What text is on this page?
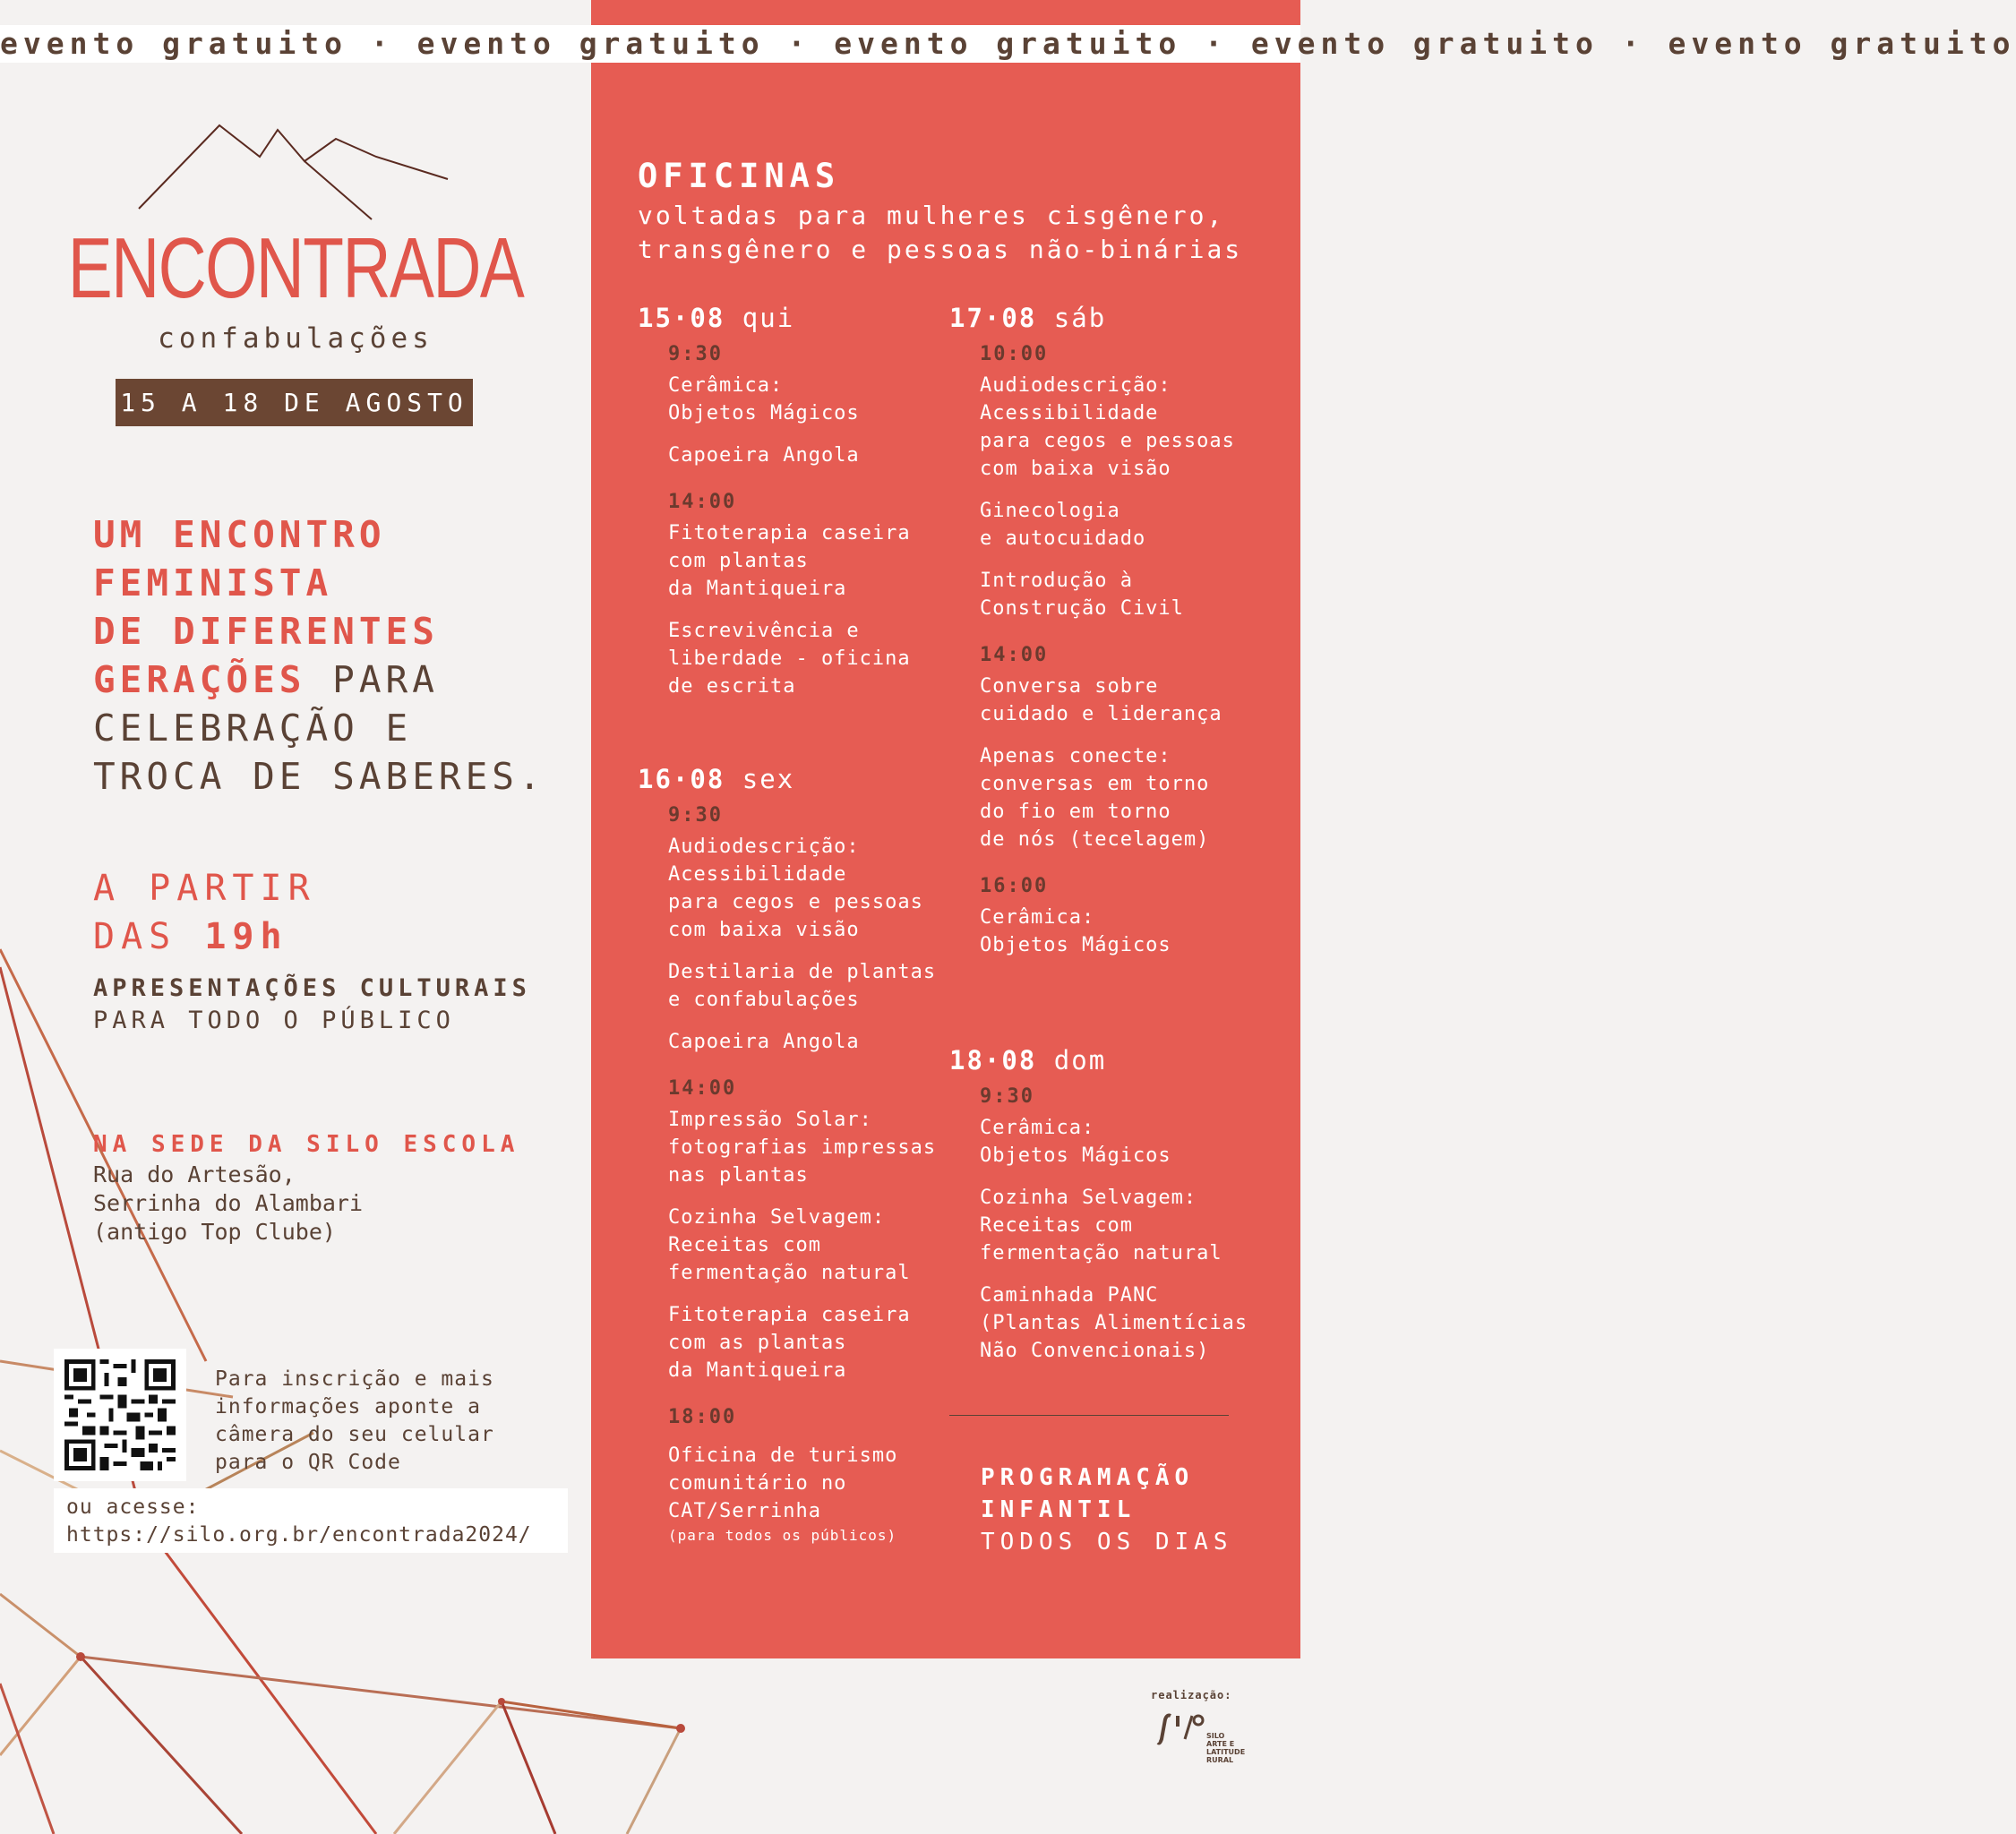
evento gratuito · evento gratuito · evento gratuito · evento gratuito · evento gratuito
ENCONTRADA
confabulações
15 A 18 DE AGOSTO
UM ENCONTRO
FEMINISTA
DE DIFERENTES
GERAÇÕES PARA
CELEBRAÇÃO E
TROCA DE SABERES.
A PARTIR
DAS 19h
APRESENTAÇÕES CULTURAIS
PARA TODO O PÚBLICO
NA SEDE DA SILO ESCOLA
Rua do Artesão,
Serrinha do Alambari
(antigo Top Clube)
Para inscrição e mais
informações aponte a
câmera do seu celular
para o QR Code
ou acesse:
https://silo.org.br/encontrada2024/
OFICINAS
voltadas para mulheres cisgênero,
transgênero e pessoas não-binárias
15·08 qui
9:30
Cerâmica:
Objetos Mágicos
Capoeira Angola
14:00
Fitoterapia caseira
com plantas
da Mantiqueira
Escrevivência e
liberdade - oficina
de escrita
16·08 sex
9:30
Audiodescrição:
Acessibilidade
para cegos e pessoas
com baixa visão
Destilaria de plantas
e confabulações
Capoeira Angola
14:00
Impressão Solar:
fotografias impressas
nas plantas
Cozinha Selvagem:
Receitas com
fermentação natural
Fitoterapia caseira
com as plantas
da Mantiqueira
18:00
Oficina de turismo
comunitário no
CAT/Serrinha
(para todos os públicos)
17·08 sáb
10:00
Audiodescrição:
Acessibilidade
para cegos e pessoas
com baixa visão
Ginecologia
e autocuidado
Introdução à
Construção Civil
14:00
Conversa sobre
cuidado e liderança
Apenas conecte:
conversas em torno
do fio em torno
de nós (tecelagem)
16:00
Cerâmica:
Objetos Mágicos
18·08 dom
9:30
Cerâmica:
Objetos Mágicos
Cozinha Selvagem:
Receitas com
fermentação natural
Caminhada PANC
(Plantas Alimentícias
Não Convencionais)
PROGRAMAÇÃO
INFANTIL
TODOS OS DIAS
realização:
SILO
ARTE E
LATITUDE
RURAL
